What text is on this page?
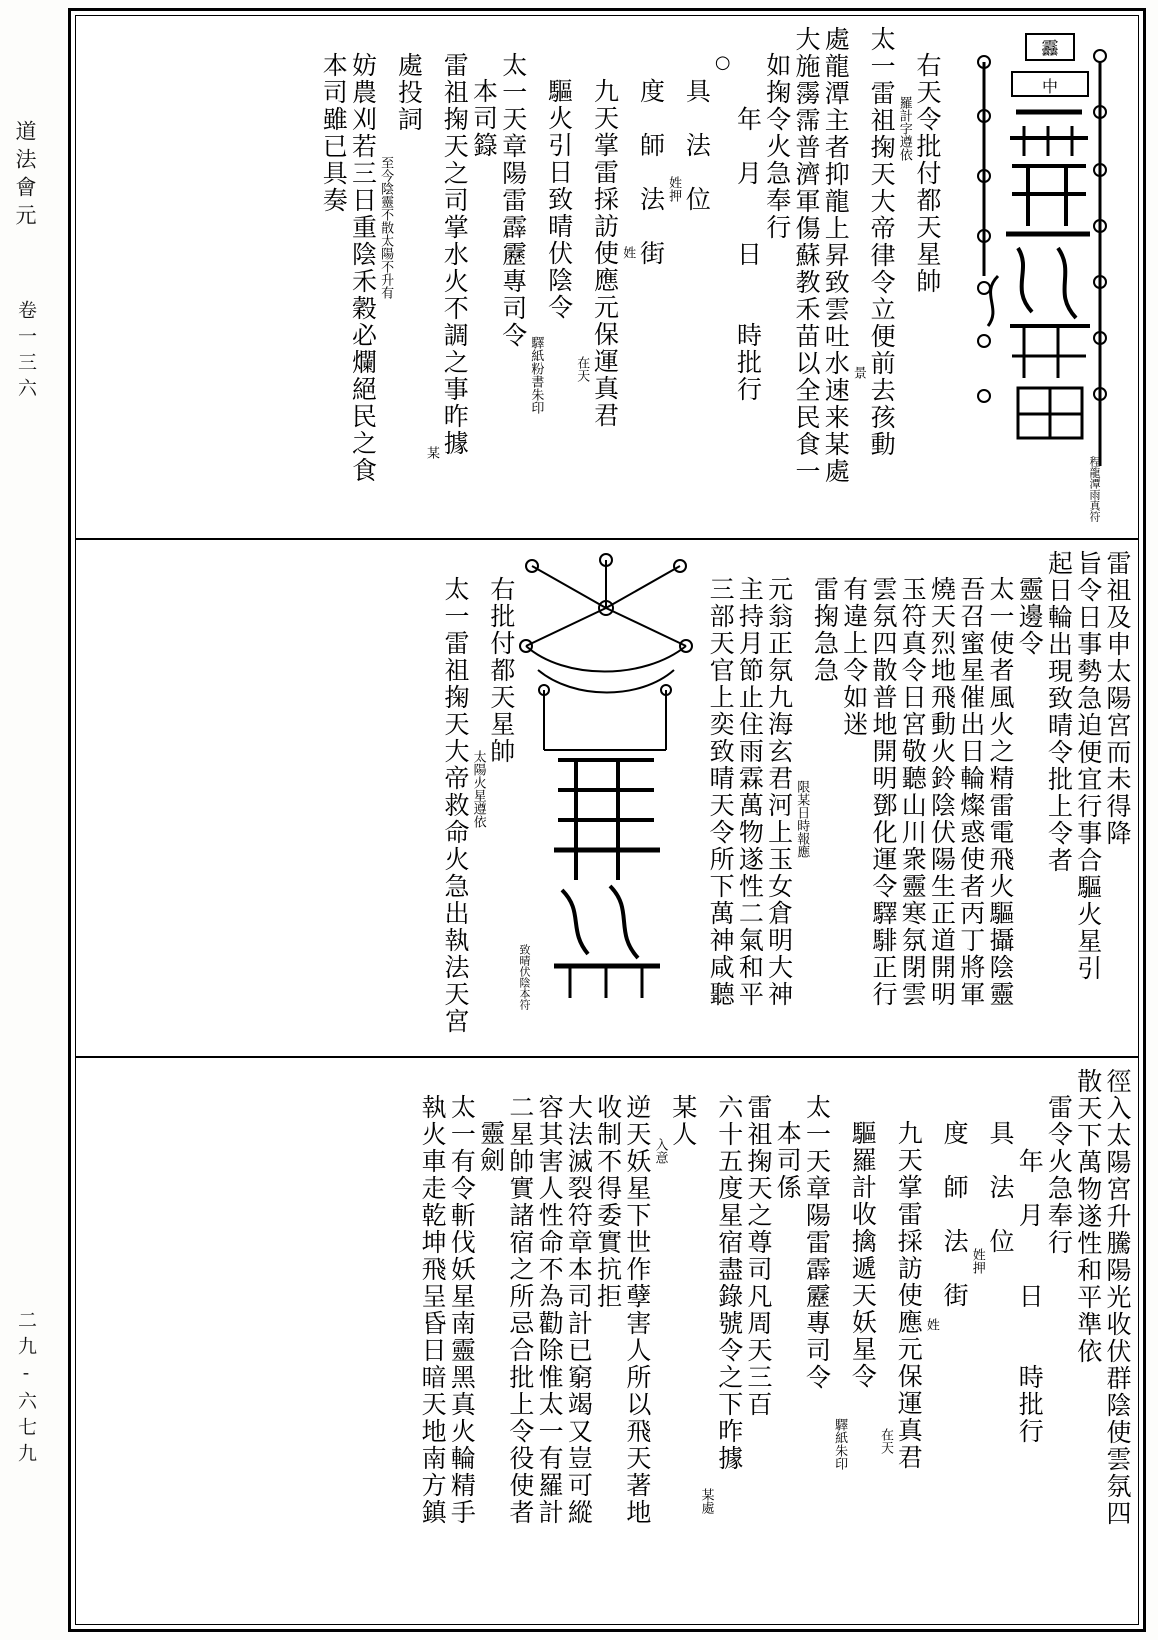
道法會元
卷一三六
二九-六七九
䨺
中
程龍潭雨真符
右天令批付都天星帥
羅計字遵依
太一雷祖掬天大帝律令立便前去孩動
景
處龍潭主者抑龍上昇致雲吐水速来某處
大施霶霈普濟軍傷蘇教禾苗以全民食一
如掬令火急奉行
年　月　　日　　時批行
○
具　法　位
姓押
度　師　法　街
姓
九天掌雷採訪使應元保運真君
在天
驅火引日致晴伏陰令
驛紙粉書朱印
太一天章陽雷霹靂專司令
本司籙
雷祖掬天之司掌水火不調之事昨據
某
處投詞
至今陰靈不散太陽不升有
妨農刈若三日重陰禾穀必爛絕民之食
本司雖已具奏
雷祖及申太陽宮而未得降
旨令日事勢急迫便宜行事合驅火星引
起日輪出現致晴令批上令者
靈邊令
太一使者風火之精雷電飛火驅攝陰靈
吾召蜜星催出日輪燦惑使者丙丁將軍
燒天烈地飛動火鈴陰伏陽生正道開明
玉符真令日宮敬聽山川衆靈寒氛閉雲
雲氛四散普地開明鄧化運令驛騑正行
有違上令如迷
雷掬急急
限某日時報應
元翁正氛九海玄君河上玉女倉明大神
主持月節止住雨霖萬物遂性二氣和平
三部天官上奕致晴天令所下萬神咸聽
致晴伏陰本符
右批付都天星帥
太陽火星遵依
太一雷祖掬天大帝救命火急出執法天宮
徑入太陽宮升騰陽光收伏群陰使雲氛四
散天下萬物遂性和平準依
雷令火急奉行
年　月　　日　　時批行
具　法　位
姓押
度　師　法　街
姓
九天掌雷採訪使應元保運真君
在天
驅羅計收擒遞天妖星令
驛紙朱印
太一天章陽雷霹靂專司令
本司係
雷祖掬天之尊司凡周天三百
六十五度星宿盡錄號令之下昨據
某處
某人
入意
逆天妖星下世作孽害人所以飛天著地
收制不得委實抗拒
大法滅裂符章本司計已窮竭又豈可縱
容其害人性命不為勸除惟太一有羅計
二星帥實諸宿之所忌合批上令役使者
靈劍
太一有令斬伐妖星南靈黑真火輪精手
執火車走乾坤飛呈昏日暗天地南方鎮
